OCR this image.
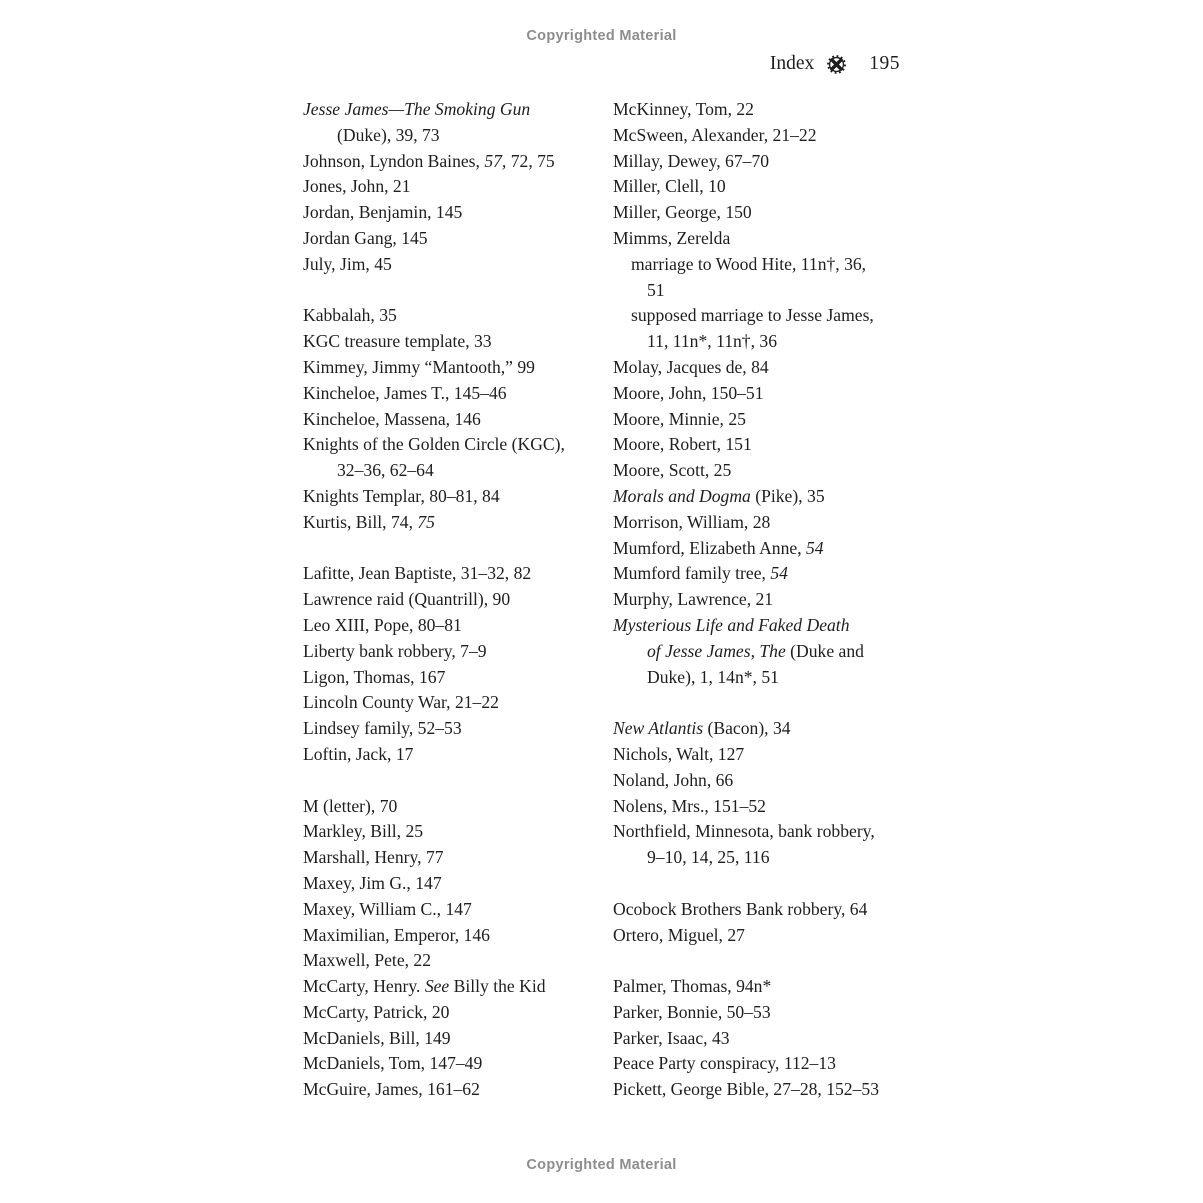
Copyrighted Material
Index	195
Jesse James—The Smoking Gun
(Duke), 39, 73
Johnson, Lyndon Baines, 57, 72, 75
Jones, John, 21
Jordan, Benjamin, 145
Jordan Gang, 145
July, Jim, 45
Kabbalah, 35
KGC treasure template, 33
Kimmey, Jimmy “Mantooth,” 99
Kincheloe, James T., 145–46
Kincheloe, Massena, 146
Knights of the Golden Circle (KGC),
32–36, 62–64
Knights Templar, 80–81, 84
Kurtis, Bill, 74, 75
Lafitte, Jean Baptiste, 31–32, 82
Lawrence raid (Quantrill), 90
Leo XIII, Pope, 80–81
Liberty bank robbery, 7–9
Ligon, Thomas, 167
Lincoln County War, 21–22
Lindsey family, 52–53
Loftin, Jack, 17
M (letter), 70
Markley, Bill, 25
Marshall, Henry, 77
Maxey, Jim G., 147
Maxey, William C., 147
Maximilian, Emperor, 146
Maxwell, Pete, 22
McCarty, Henry. See Billy the Kid
McCarty, Patrick, 20
McDaniels, Bill, 149
McDaniels, Tom, 147–49
McGuire, James, 161–62
McKinney, Tom, 22
McSween, Alexander, 21–22
Millay, Dewey, 67–70
Miller, Clell, 10
Miller, George, 150
Mimms, Zerelda
marriage to Wood Hite, 11n†, 36,
51
supposed marriage to Jesse James,
11, 11n*, 11n†, 36
Molay, Jacques de, 84
Moore, John, 150–51
Moore, Minnie, 25
Moore, Robert, 151
Moore, Scott, 25
Morals and Dogma (Pike), 35
Morrison, William, 28
Mumford, Elizabeth Anne, 54
Mumford family tree, 54
Murphy, Lawrence, 21
Mysterious Life and Faked Death
of Jesse James, The (Duke and
Duke), 1, 14n*, 51
New Atlantis (Bacon), 34
Nichols, Walt, 127
Noland, John, 66
Nolens, Mrs., 151–52
Northfield, Minnesota, bank robbery,
9–10, 14, 25, 116
Ocobock Brothers Bank robbery, 64
Ortero, Miguel, 27
Palmer, Thomas, 94n*
Parker, Bonnie, 50–53
Parker, Isaac, 43
Peace Party conspiracy, 112–13
Pickett, George Bible, 27–28, 152–53
Copyrighted Material
